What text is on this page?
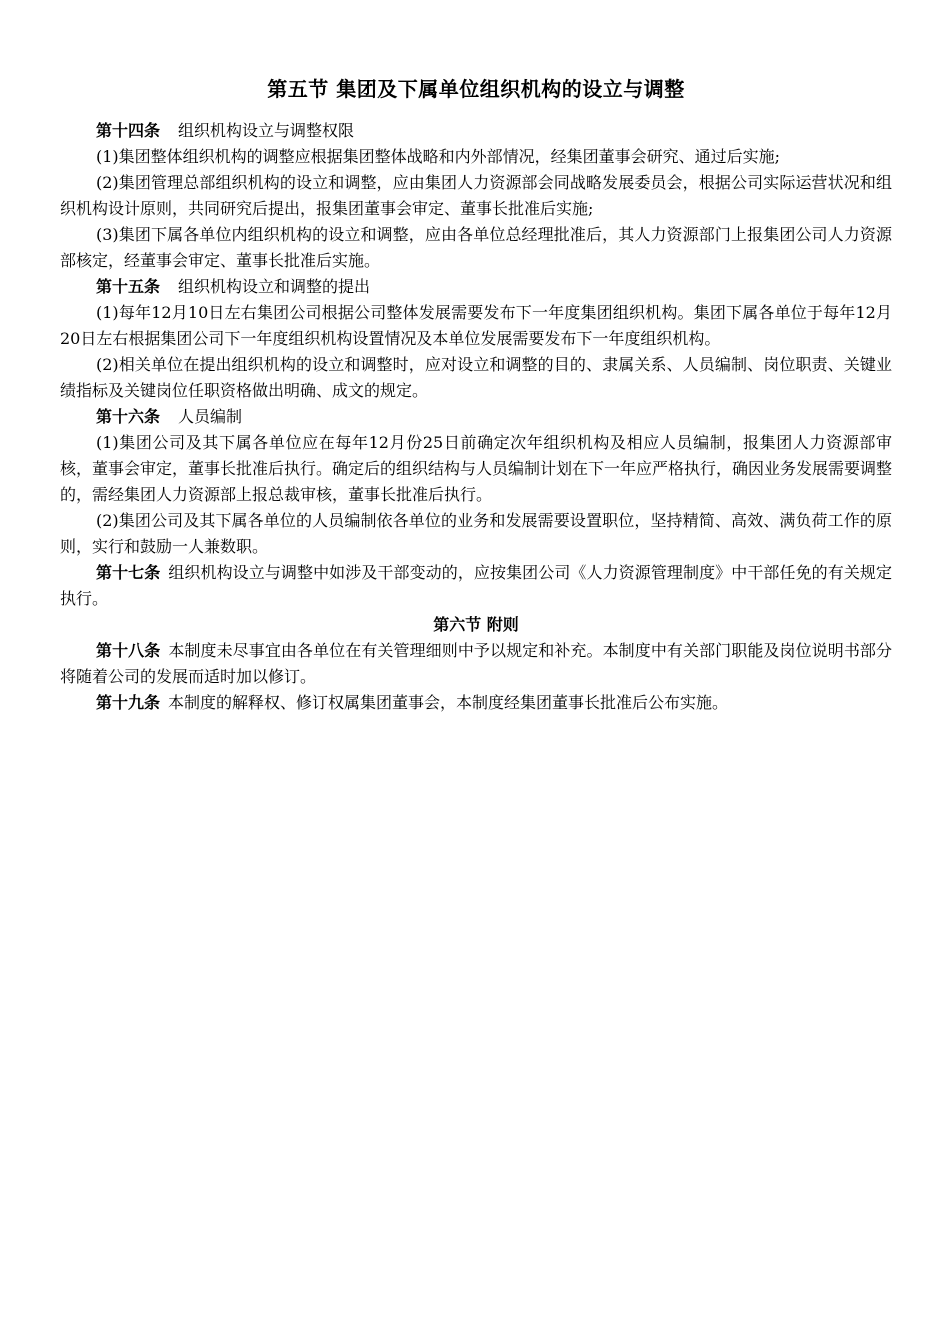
第五节 集团及下属单位组织机构的设立与调整
第十四条 组织机构设立与调整权限

(1)集团整体组织机构的调整应根据集团整体战略和内外部情况，经集团董事会研究、通过后实施;

(2)集团管理总部组织机构的设立和调整，应由集团人力资源部会同战略发展委员会，根据公司实际运营状况和组织机构设计原则，共同研究后提出，报集团董事会审定、董事长批准后实施;

(3)集团下属各单位内组织机构的设立和调整，应由各单位总经理批准后，其人力资源部门上报集团公司人力资源部核定，经董事会审定、董事长批准后实施。

第十五条 组织机构设立和调整的提出

(1)每年12月10日左右集团公司根据公司整体发展需要发布下一年度集团组织机构。集团下属各单位于每年12月20日左右根据集团公司下一年度组织机构设置情况及本单位发展需要发布下一年度组织机构。

(2)相关单位在提出组织机构的设立和调整时，应对设立和调整的目的、隶属关系、人员编制、岗位职责、关键业绩指标及关键岗位任职资格做出明确、成文的规定。

第十六条 人员编制

(1)集团公司及其下属各单位应在每年12月份25日前确定次年组织机构及相应人员编制，报集团人力资源部审核，董事会审定，董事长批准后执行。确定后的组织结构与人员编制计划在下一年应严格执行，确因业务发展需要调整的，需经集团人力资源部上报总裁审核，董事长批准后执行。

(2)集团公司及其下属各单位的人员编制依各单位的业务和发展需要设置职位，坚持精简、高效、满负荷工作的原则，实行和鼓励一人兼数职。

第十七条 组织机构设立与调整中如涉及干部变动的，应按集团公司《人力资源管理制度》中干部任免的有关规定执行。

第六节 附则

第十八条 本制度未尽事宜由各单位在有关管理细则中予以规定和补充。本制度中有关部门职能及岗位说明书部分将随着公司的发展而适时加以修订。

第十九条 本制度的解释权、修订权属集团董事会，本制度经集团董事长批准后公布实施。
